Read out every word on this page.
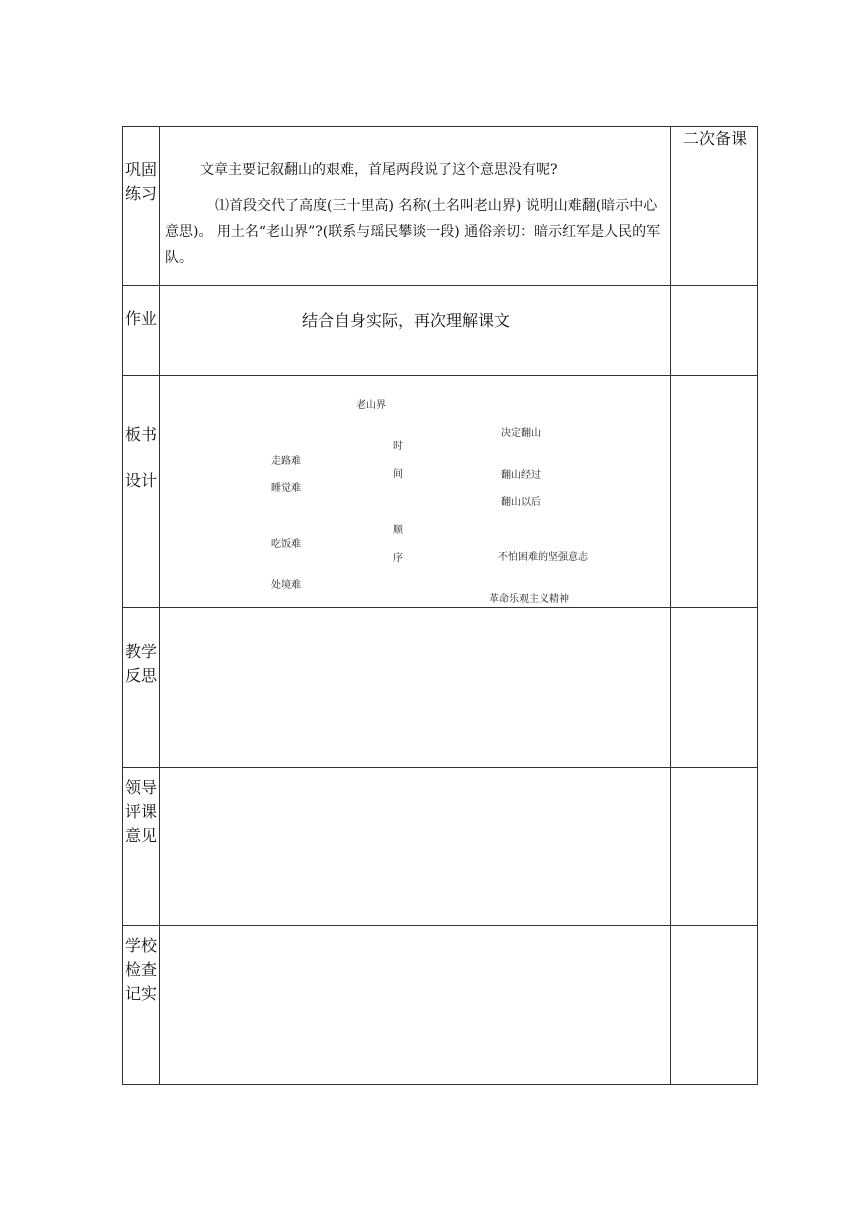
二次备课
巩固练习
作业
板书设计
教学反思
领导评课意见
学校检查记实
文章主要记叙翻山的艰难，首尾两段说了这个意思没有呢?
⑴首段交代了高度(三十里高) 名称(土名叫老山界) 说明山难翻(暗示中心意思)。 用土名“老山界”?(联系与瑶民攀谈一段) 通俗亲切：暗示红军是人民的军队。
结合自身实际，再次理解课文
老山界
走路难
睡觉难
吃饭难
处境难
时
间
顺
序
决定翻山
翻山经过
翻山以后
不怕困难的坚强意志
革命乐观主义精神
